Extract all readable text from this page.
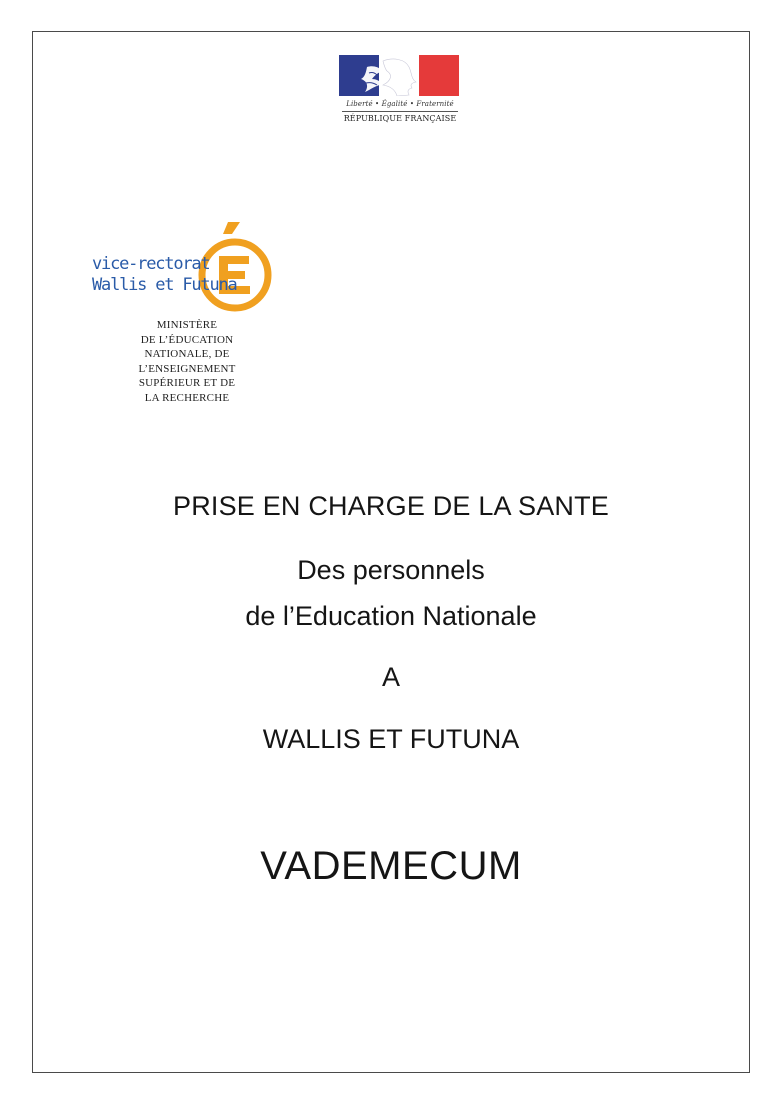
Liberté • Égalité • Fraternité
RÉPUBLIQUE FRANÇAISE
vice-rectorat
Wallis et Futuna
MINISTÈRE
DE L’ÉDUCATION
NATIONALE, DE
L’ENSEIGNEMENT
SUPÉRIEUR ET DE
LA RECHERCHE
PRISE EN CHARGE DE LA SANTE
Des personnels
de l’Education Nationale
A
WALLIS ET FUTUNA
VADEMECUM
